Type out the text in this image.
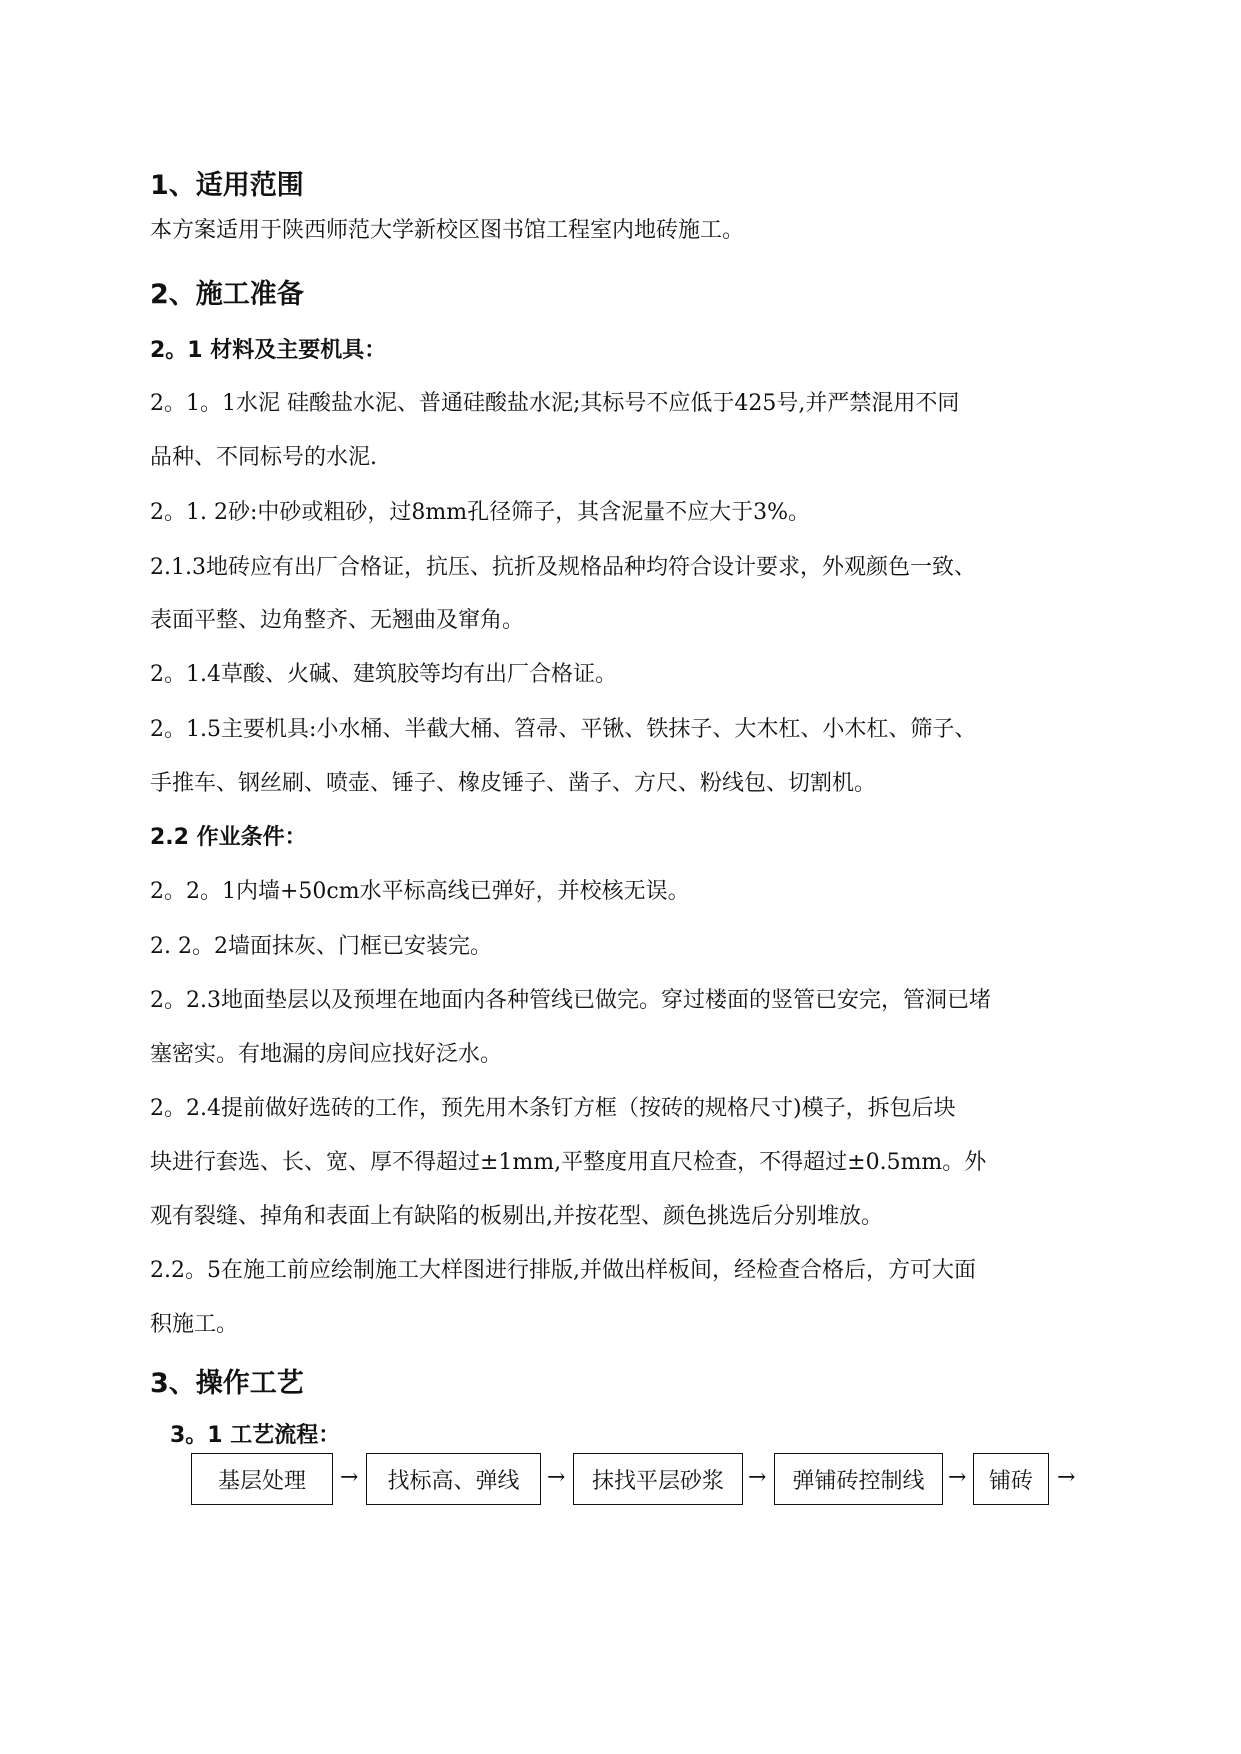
1、适用范围
本方案适用于陕西师范大学新校区图书馆工程室内地砖施工。
2、施工准备
2。1 材料及主要机具：
2。1。1水泥 硅酸盐水泥、普通硅酸盐水泥;其标号不应低于425号,并严禁混用不同
品种、不同标号的水泥.
2。1. 2砂:中砂或粗砂，过8mm孔径筛子，其含泥量不应大于3%。
2.1.3地砖应有出厂合格证，抗压、抗折及规格品种均符合设计要求，外观颜色一致、
表面平整、边角整齐、无翘曲及窜角。
2。1.4草酸、火碱、建筑胶等均有出厂合格证。
2。1.5主要机具:小水桶、半截大桶、笤帚、平锹、铁抹子、大木杠、小木杠、筛子、
手推车、钢丝刷、喷壶、锤子、橡皮锤子、凿子、方尺、粉线包、切割机。
2.2 作业条件：
2。2。1内墙+50cm水平标高线已弹好，并校核无误。
2. 2。2墙面抹灰、门框已安装完。
2。2.3地面垫层以及预埋在地面内各种管线已做完。穿过楼面的竖管已安完，管洞已堵
塞密实。有地漏的房间应找好泛水。
2。2.4提前做好选砖的工作，预先用木条钉方框（按砖的规格尺寸)模子，拆包后块
块进行套选、长、宽、厚不得超过±1mm,平整度用直尺检查，不得超过±0.5mm。外
观有裂缝、掉角和表面上有缺陷的板剔出,并按花型、颜色挑选后分别堆放。
2.2。5在施工前应绘制施工大样图进行排版,并做出样板间，经检查合格后，方可大面
积施工。
3、操作工艺
3。1 工艺流程：
基层处理	→	找标高、弹线	→	抹找平层砂浆	→	弹铺砖控制线	→	铺砖	→
